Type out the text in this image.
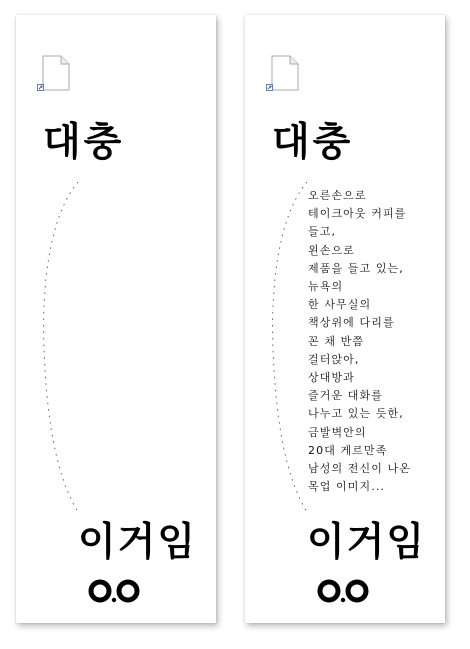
대충
이거임
대충
오른손으로
테이크아웃 커피를
들고,
왼손으로
제품을 들고 있는,
뉴욕의
한 사무실의
책상위에 다리를
꼰 채 반쯤
걸터앉아,
상대방과
즐거운 대화를
나누고 있는 듯한,
금발벽안의
20대 게르만족
남성의 전신이 나온
목업 이미지...
이거임
